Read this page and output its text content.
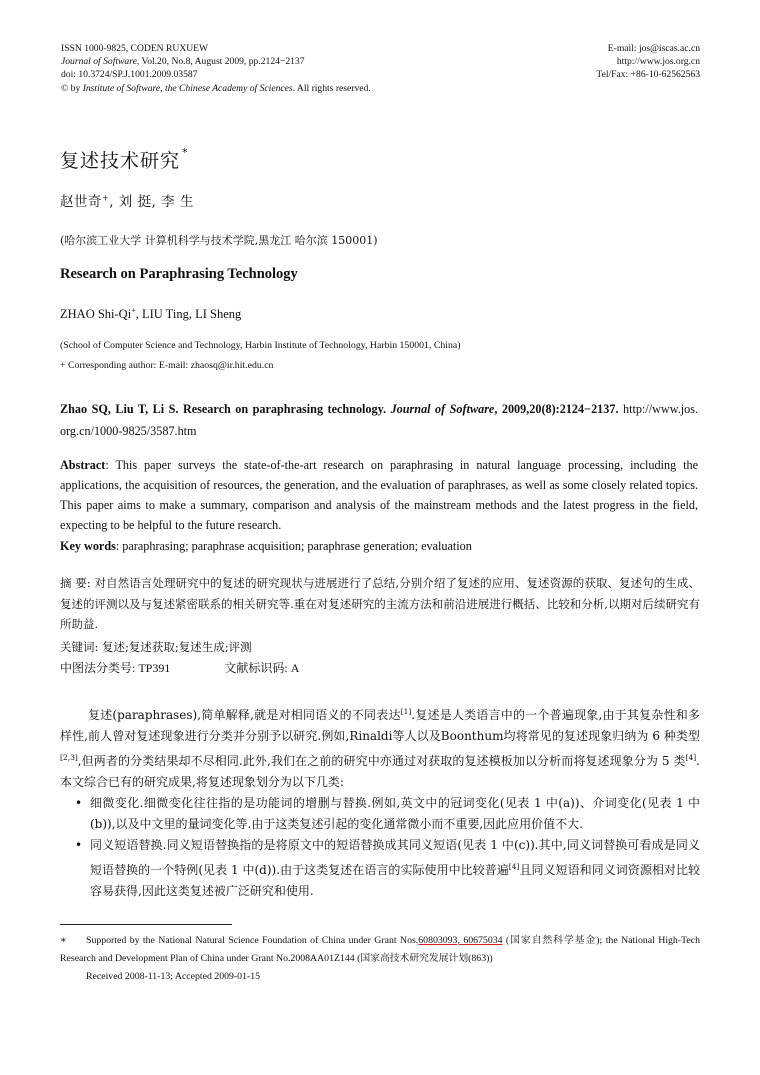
ISSN 1000-9825, CODEN RUXUEW
Journal of Software, Vol.20, No.8, August 2009, pp.2124−2137
doi: 10.3724/SP.J.1001.2009.03587
© by Institute of Software, the Chinese Academy of Sciences. All rights reserved.
E-mail: jos@iscas.ac.cn
http://www.jos.org.cn
Tel/Fax: +86-10-62562563
复述技术研究 *
赵世奇+, 刘 挺, 李 生
(哈尔滨工业大学 计算机科学与技术学院,黑龙江 哈尔滨 150001)
Research on Paraphrasing Technology
ZHAO Shi-Qi+, LIU Ting, LI Sheng
(School of Computer Science and Technology, Harbin Institute of Technology, Harbin 150001, China)
+ Corresponding author: E-mail: zhaosq@ir.hit.edu.cn
Zhao SQ, Liu T, Li S. Research on paraphrasing technology. Journal of Software, 2009,20(8):2124−2137. http://www.jos. org.cn/1000-9825/3587.htm
Abstract: This paper surveys the state-of-the-art research on paraphrasing in natural language processing, including the applications, the acquisition of resources, the generation, and the evaluation of paraphrases, as well as some closely related topics. This paper aims to make a summary, comparison and analysis of the mainstream methods and the latest progress in the field, expecting to be helpful to the future research.
Key words: paraphrasing; paraphrase acquisition; paraphrase generation; evaluation
摘 要: 对自然语言处理研究中的复述的研究现状与进展进行了总结,分别介绍了复述的应用、复述资源的获取、复述句的生成、复述的评测以及与复述紧密联系的相关研究等.重在对复述研究的主流方法和前沿进展进行概括、比较和分析,以期对后续研究有所助益.
关键词: 复述;复述获取;复述生成;评测
中图法分类号: TP391	文献标识码: A

复述(paraphrases),简单解释,就是对相同语义的不同表达[1].复述是人类语言中的一个普遍现象,由于其复杂性和多样性,前人曾对复述现象进行分类并分别予以研究.例如,Rinaldi等人以及Boonthum均将常见的复述现象归纳为 6 种类型[2,3],但两者的分类结果却不尽相同.此外,我们在之前的研究中亦通过对获取的复述模板加以分析而将复述现象分为 5 类[4].本文综合已有的研究成果,将复述现象划分为以下几类:

• 细微变化.细微变化往往指的是功能词的增删与替换.例如,英文中的冠词变化(见表 1 中(a))、介词变化(见表 1 中(b)),以及中文里的量词变化等.由于这类复述引起的变化通常微小而不重要,因此应用价值不大.
• 同义短语替换.同义短语替换指的是将原文中的短语替换成其同义短语(见表 1 中(c)).其中,同义词替换可看成是同义短语替换的一个特例(见表 1 中(d)).由于这类复述在语言的实际使用中比较普遍[4]且同义短语和同义词资源相对比较容易获得,因此这类复述被广泛研究和使用.
∗ Supported by the National Natural Science Foundation of China under Grant Nos.60803093, 60675034 (国家自然科学基金); the National High-Tech Research and Development Plan of China under Grant No.2008AA01Z144 (国家高技术研究发展计划(863))
Received 2008-11-13; Accepted 2009-01-15
